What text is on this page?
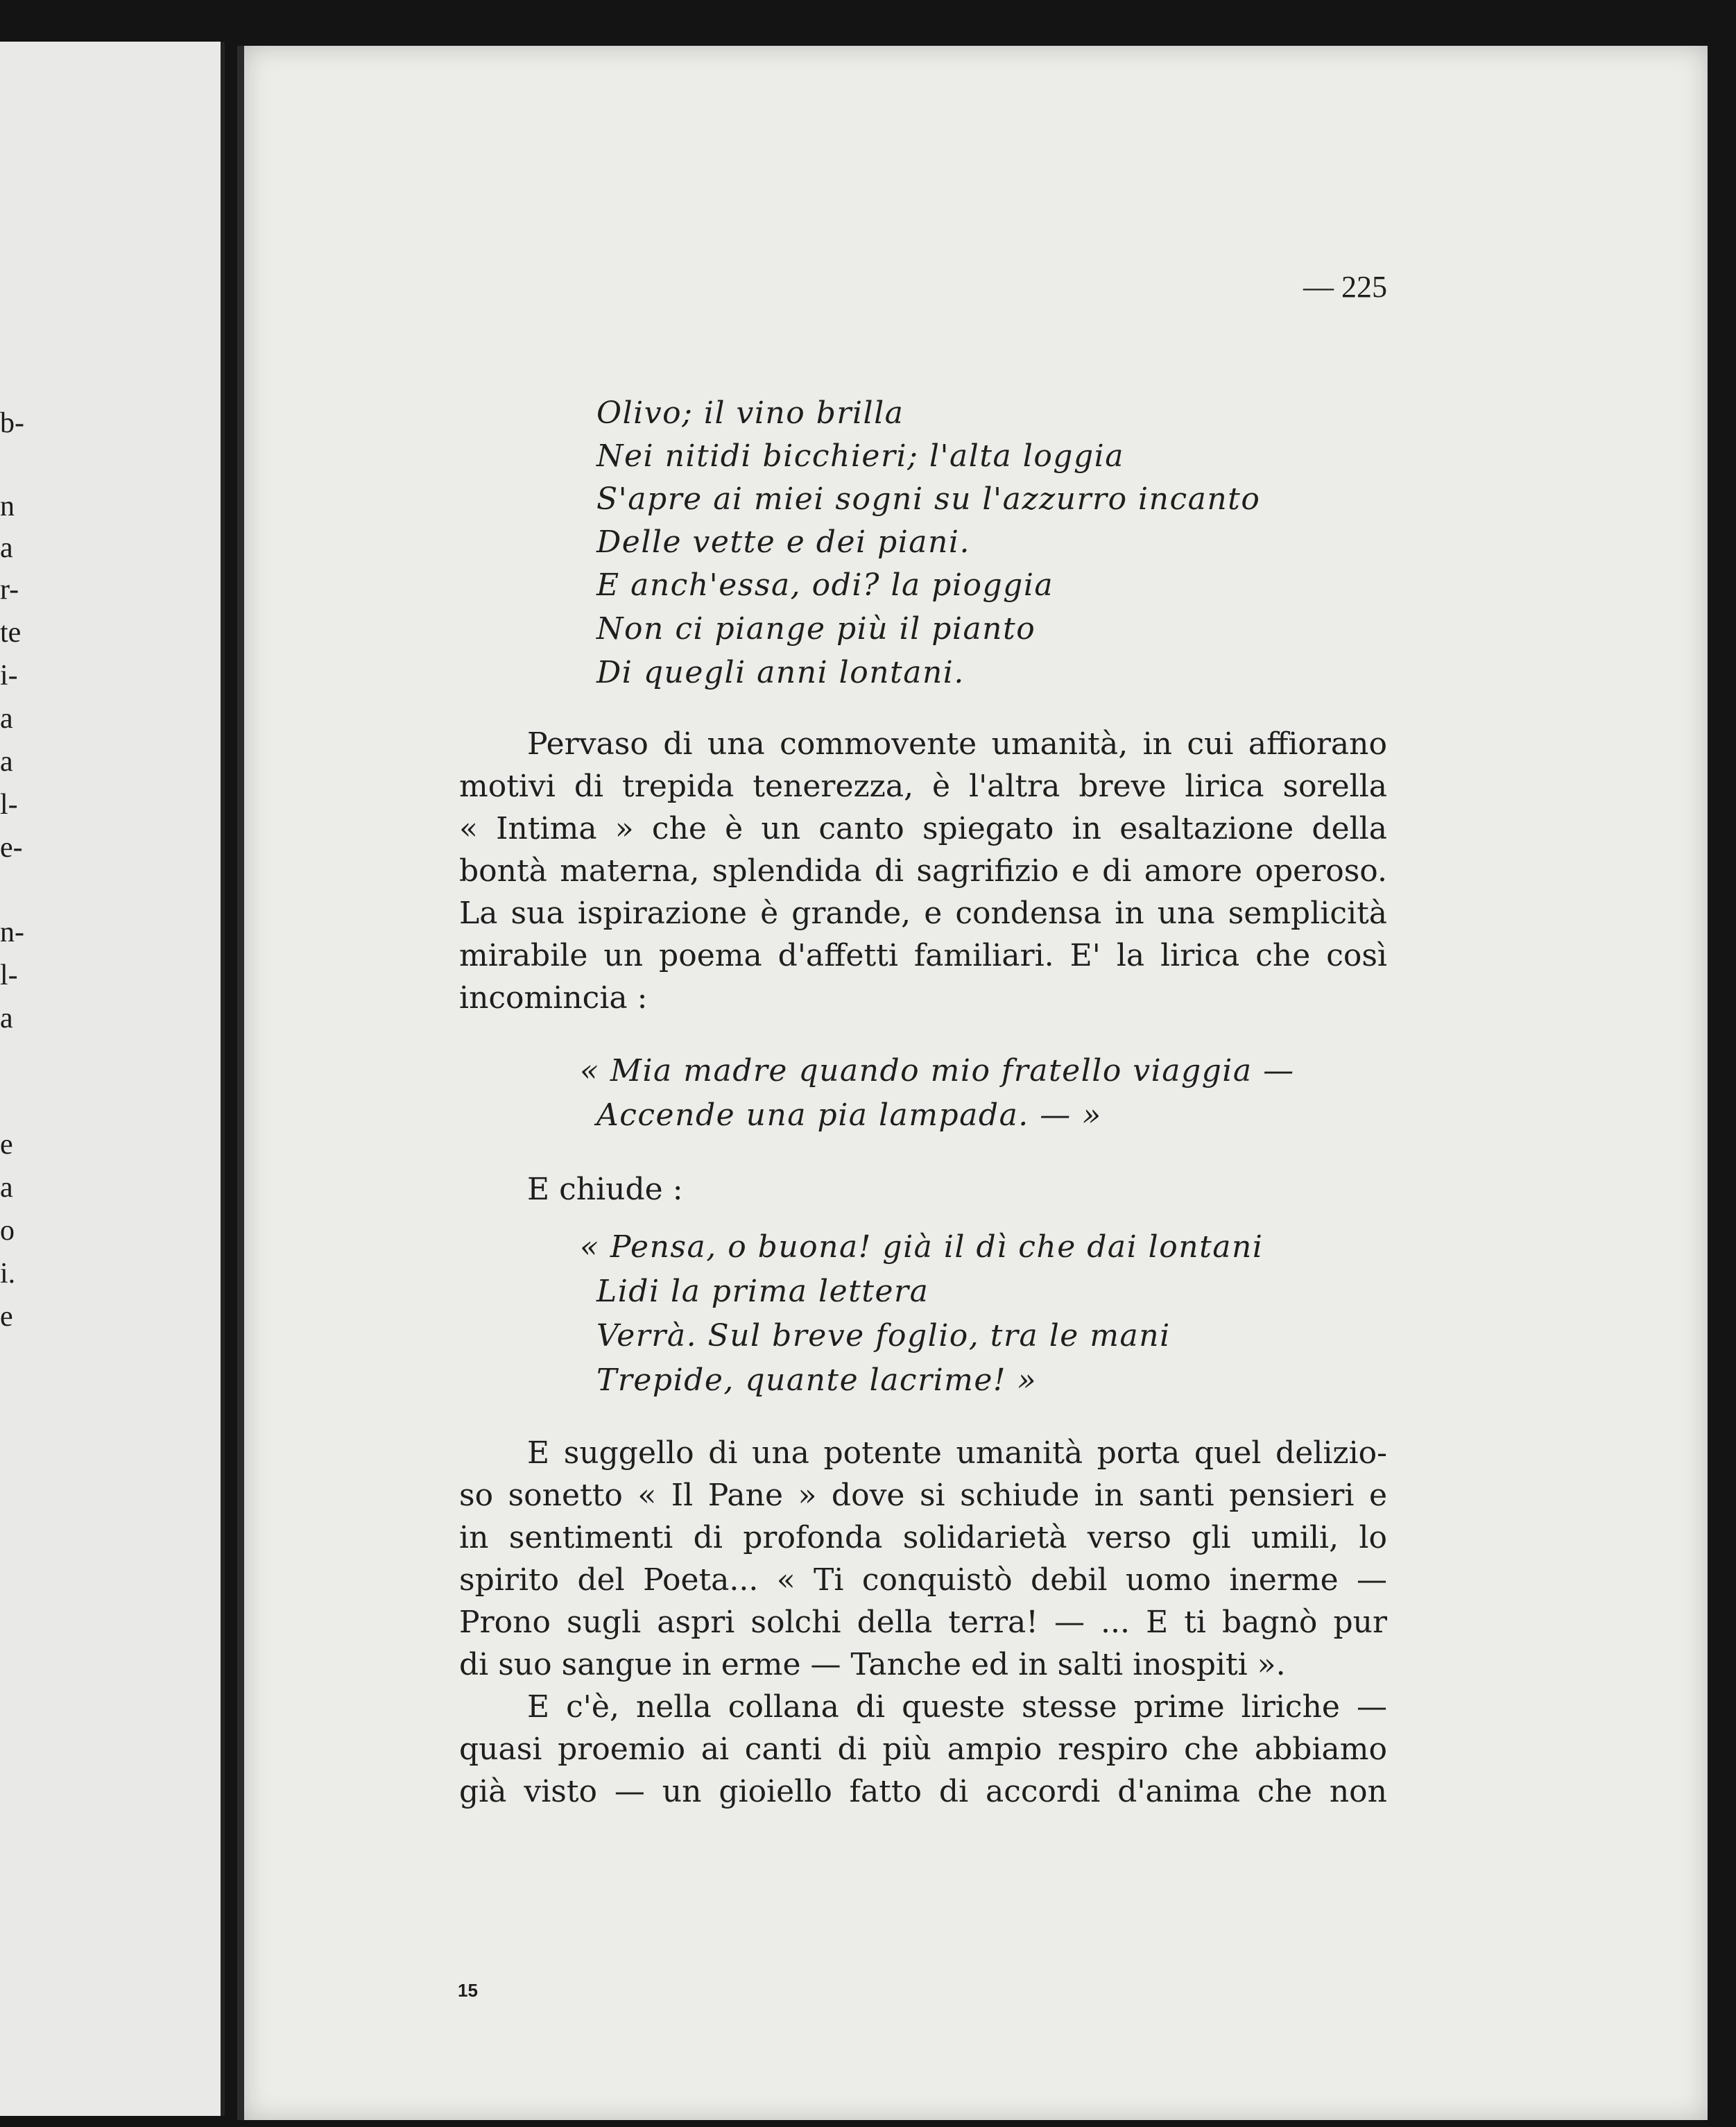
b-
n
a
r-
te
i-
a
a
l-
e-
n-
l-
a
e
a
o
i.
e
— 225
Olivo; il vino brilla
Nei nitidi bicchieri; l'alta loggia
S'apre ai miei sogni su l'azzurro incanto
Delle vette e dei piani.
E anch'essa, odi? la pioggia
Non ci piange più il pianto
Di quegli anni lontani.
Pervaso di una commovente umanità, in cui affiorano
motivi di trepida tenerezza, è l'altra breve lirica sorella
« Intima » che è un canto spiegato in esaltazione della
bontà materna, splendida di sagrifizio e di amore operoso.
La sua ispirazione è grande, e condensa in una semplicità
mirabile un poema d'affetti familiari. E' la lirica che così
incomincia :
« Mia madre quando mio fratello viaggia —
Accende una pia lampada. — »
E chiude :
« Pensa, o buona! già il dì che dai lontani
Lidi la prima lettera
Verrà. Sul breve foglio, tra le mani
Trepide, quante lacrime! »
E suggello di una potente umanità porta quel delizio-
so sonetto « Il Pane » dove si schiude in santi pensieri e
in sentimenti di profonda solidarietà verso gli umili, lo
spirito del Poeta... « Ti conquistò debil uomo inerme —
Prono sugli aspri solchi della terra! — ... E ti bagnò pur
di suo sangue in erme — Tanche ed in salti inospiti ».
E c'è, nella collana di queste stesse prime liriche —
quasi proemio ai canti di più ampio respiro che abbiamo
già visto — un gioiello fatto di accordi d'anima che non
15
